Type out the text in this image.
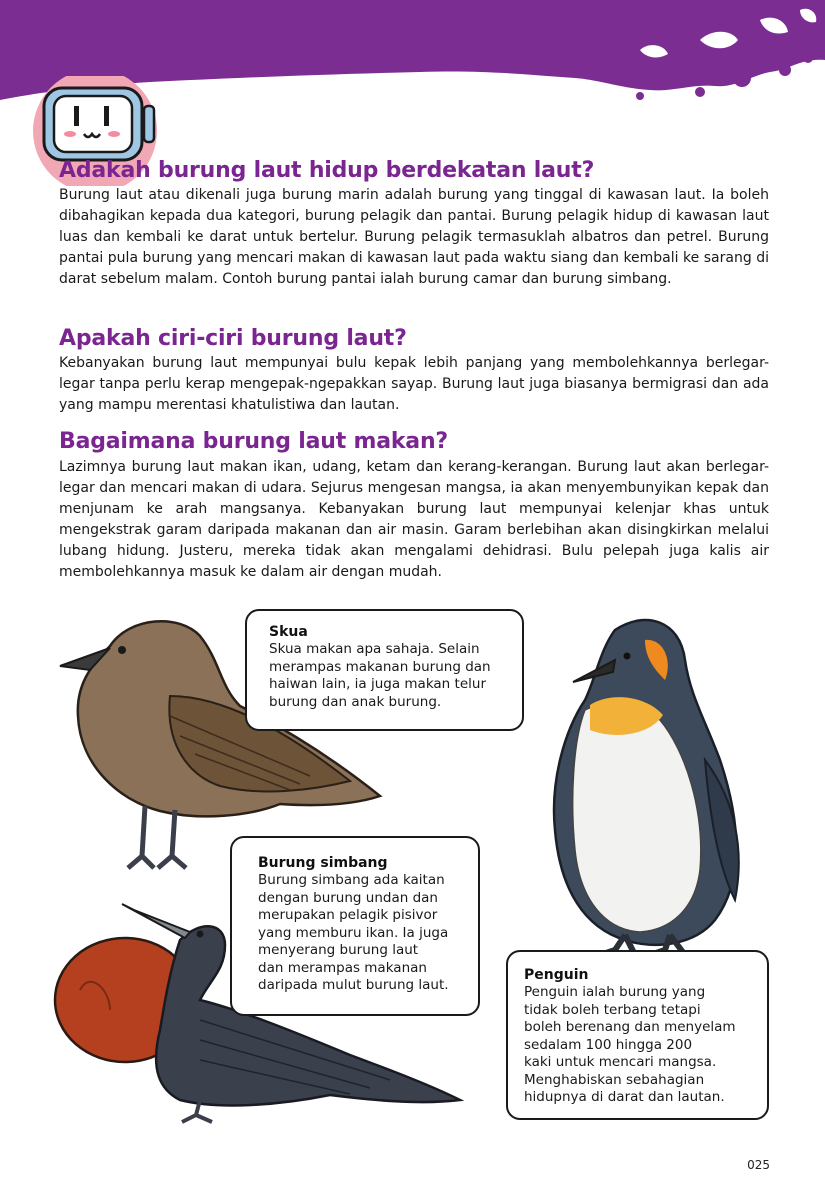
Adakah burung laut hidup berdekatan laut?
Burung laut atau dikenali juga burung marin adalah burung yang tinggal di kawasan laut. Ia boleh dibahagikan kepada dua kategori, burung pelagik dan pantai. Burung pelagik hidup di kawasan laut luas dan kembali ke darat untuk bertelur. Burung pelagik termasuklah albatros dan petrel. Burung pantai pula burung yang mencari makan di kawasan laut pada waktu siang dan kembali ke sarang di darat sebelum malam. Contoh burung pantai ialah burung camar dan burung simbang.
Apakah ciri-ciri burung laut?
Kebanyakan burung laut mempunyai bulu kepak lebih panjang yang membolehkannya berlegar-legar tanpa perlu kerap mengepak-ngepakkan sayap. Burung laut juga biasanya bermigrasi dan ada yang mampu merentasi khatulistiwa dan lautan.
Bagaimana burung laut makan?
Lazimnya burung laut makan ikan, udang, ketam dan kerang-kerangan. Burung laut akan berlegar-legar dan mencari makan di udara. Sejurus mengesan mangsa, ia akan menyembunyikan kepak dan menjunam ke arah mangsanya. Kebanyakan burung laut mempunyai kelenjar khas untuk mengekstrak garam daripada makanan dan air masin. Garam berlebihan akan disingkirkan melalui lubang hidung. Justeru, mereka tidak akan mengalami dehidrasi. Bulu pelepah juga kalis air membolehkannya masuk ke dalam air dengan mudah.
Skua
Skua makan apa sahaja. Selain
merampas makanan burung dan
haiwan lain, ia juga makan telur
burung dan anak burung.
Burung simbang
Burung simbang ada kaitan
dengan burung undan dan
merupakan pelagik pisivor
yang memburu ikan. Ia juga
menyerang burung laut
dan merampas makanan
daripada mulut burung laut.
Penguin
Penguin ialah burung yang
tidak boleh terbang tetapi
boleh berenang dan menyelam
sedalam 100 hingga 200
kaki untuk mencari mangsa.
Menghabiskan sebahagian
hidupnya di darat dan lautan.
025
